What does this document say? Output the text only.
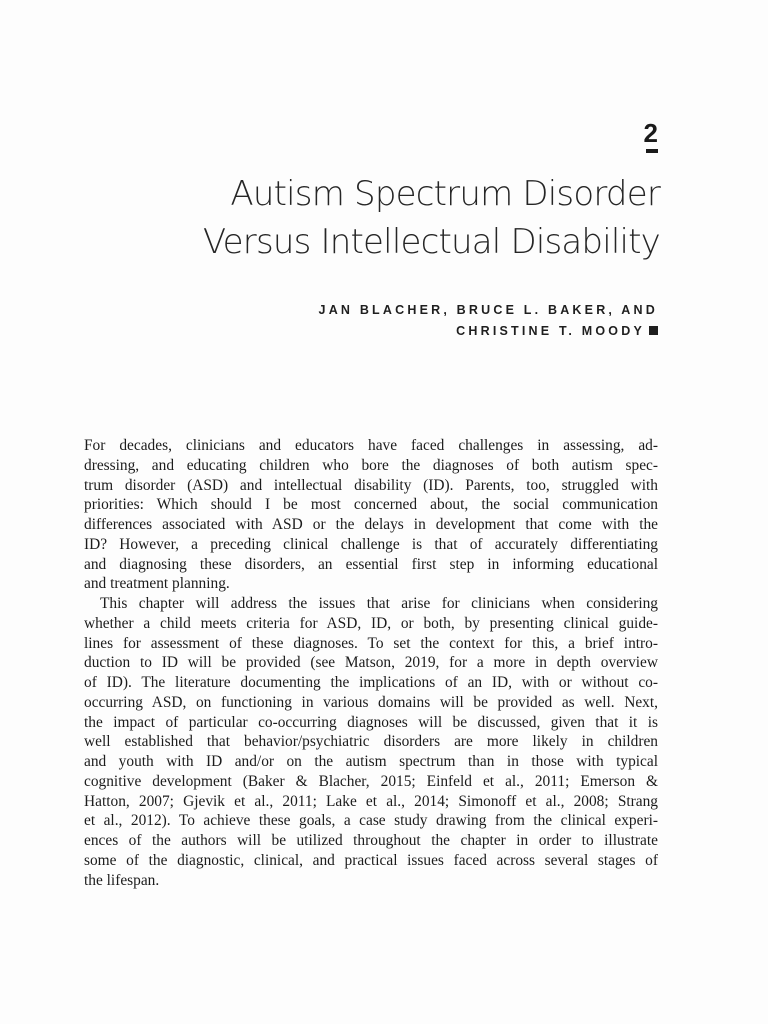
2
Autism Spectrum Disorder
Versus Intellectual Disability
JAN BLACHER, BRUCE L. BAKER, AND
CHRISTINE T. MOODY
For decades, clinicians and educators have faced challenges in assessing, ad-
dressing, and educating children who bore the diagnoses of both autism spec-
trum disorder (ASD) and intellectual disability (ID). Parents, too, struggled with
priorities: Which should I be most concerned about, the social communication
differences associated with ASD or the delays in development that come with the
ID? However, a preceding clinical challenge is that of accurately differentiating
and diagnosing these disorders, an essential first step in informing educational
and treatment planning.
This chapter will address the issues that arise for clinicians when considering
whether a child meets criteria for ASD, ID, or both, by presenting clinical guide-
lines for assessment of these diagnoses. To set the context for this, a brief intro-
duction to ID will be provided (see Matson, 2019, for a more in depth overview
of ID). The literature documenting the implications of an ID, with or without co-
occurring ASD, on functioning in various domains will be provided as well. Next,
the impact of particular co-occurring diagnoses will be discussed, given that it is
well established that behavior/psychiatric disorders are more likely in children
and youth with ID and/or on the autism spectrum than in those with typical
cognitive development (Baker & Blacher, 2015; Einfeld et al., 2011; Emerson &
Hatton, 2007; Gjevik et al., 2011; Lake et al., 2014; Simonoff et al., 2008; Strang
et al., 2012). To achieve these goals, a case study drawing from the clinical experi-
ences of the authors will be utilized throughout the chapter in order to illustrate
some of the diagnostic, clinical, and practical issues faced across several stages of
the lifespan.
